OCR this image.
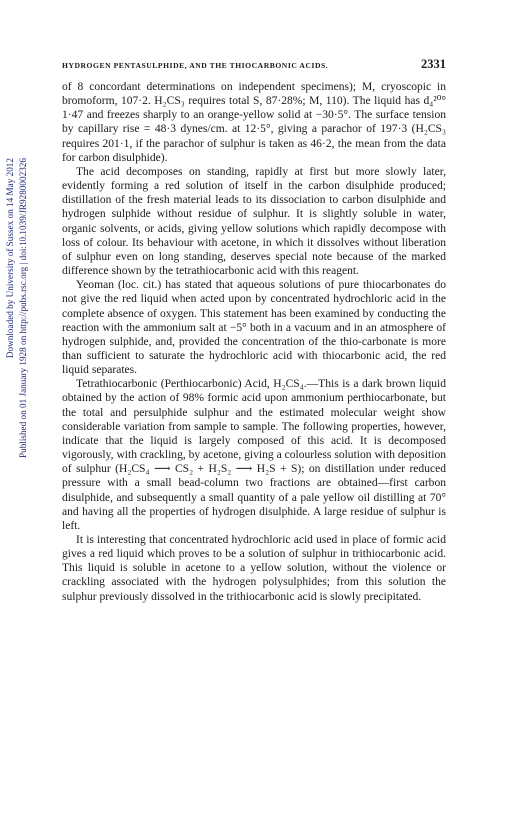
Downloaded by University of Sussex on 14 May 2012 Published on 01 January 1928 on http://pubs.rsc.org | doi:10.1039/JR9280002326
HYDROGEN PENTASULPHIDE, AND THE THIOCARBONIC ACIDS.	2331

of 8 concordant determinations on independent specimens); M, cryoscopic in bromoform, 107·2. H₂CS₃ requires total S, 87·28%; M, 110). The liquid has d₄²⁰° 1·47 and freezes sharply to an orange-yellow solid at −30·5°. The surface tension by capillary rise = 48·3 dynes/cm. at 12·5°, giving a parachor of 197·3 (H₂CS₃ requires 201·1, if the parachor of sulphur is taken as 46·2, the mean from the data for carbon disulphide).

The acid decomposes on standing, rapidly at first but more slowly later, evidently forming a red solution of itself in the carbon disulphide produced; distillation of the fresh material leads to its dissociation to carbon disulphide and hydrogen sulphide without residue of sulphur. It is slightly soluble in water, organic solvents, or acids, giving yellow solutions which rapidly decompose with loss of colour. Its behaviour with acetone, in which it dissolves without liberation of sulphur even on long standing, deserves special note because of the marked difference shown by the tetrathiocarbonic acid with this reagent.

Yeoman (loc. cit.) has stated that aqueous solutions of pure thiocarbonates do not give the red liquid when acted upon by concentrated hydrochloric acid in the complete absence of oxygen. This statement has been examined by conducting the reaction with the ammonium salt at −5° both in a vacuum and in an atmosphere of hydrogen sulphide, and, provided the concentration of the thio-carbonate is more than sufficient to saturate the hydrochloric acid with thiocarbonic acid, the red liquid separates.

Tetrathiocarbonic (Perthiocarbonic) Acid, H₂CS₄.—This is a dark brown liquid obtained by the action of 98% formic acid upon ammonium perthiocarbonate, but the total and persulphide sulphur and the estimated molecular weight show considerable variation from sample to sample. The following properties, however, indicate that the liquid is largely composed of this acid. It is decomposed vigorously, with crackling, by acetone, giving a colourless solution with deposition of sulphur (H₂CS₄ ⟶ CS₂ + H₂S₂ ⟶ H₂S + S); on distillation under reduced pressure with a small bead-column two fractions are obtained—first carbon disulphide, and subsequently a small quantity of a pale yellow oil distilling at 70° and having all the properties of hydrogen disulphide. A large residue of sulphur is left.

It is interesting that concentrated hydrochloric acid used in place of formic acid gives a red liquid which proves to be a solution of sulphur in trithiocarbonic acid. This liquid is soluble in acetone to a yellow solution, without the violence or crackling associated with the hydrogen polysulphides; from this solution the sulphur previously dissolved in the trithiocarbonic acid is slowly precipitated.
